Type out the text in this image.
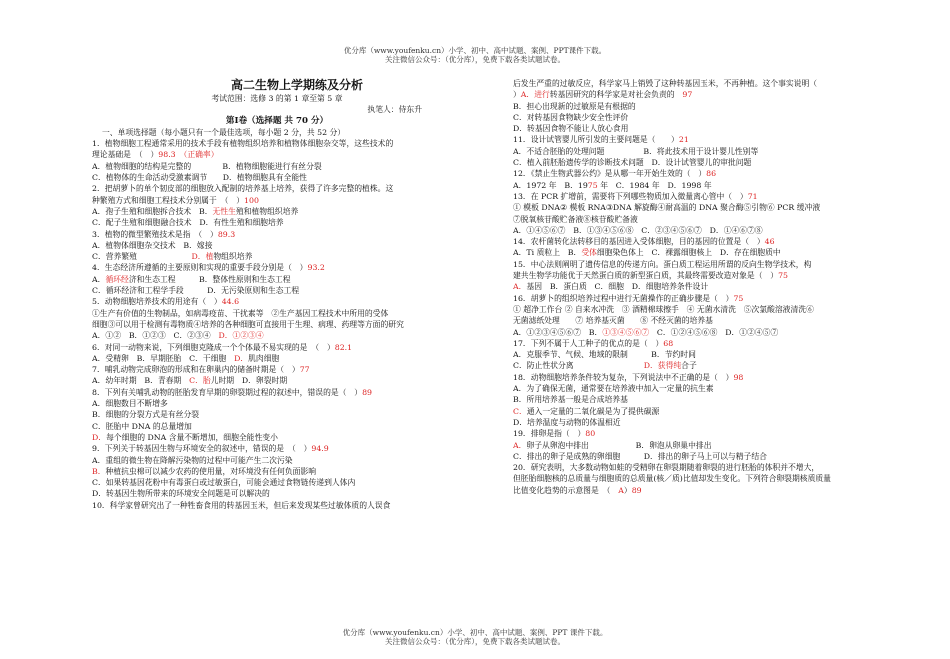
优分库（www.youfenku.cn）小学、初中、高中试题、案例、PPT课件下载。
关注微信公众号：（优分库），免费下载各类试题试卷。
高二生物上学期练及分析
考试范围：选修 3 的第 1 章至第 5 章
执笔人：侍东升
第Ⅰ卷（选择题 共 70 分）
一、单项选择题（每小题只有一个最佳选项，每小题 2 分，共 52 分）
1．植物细胞工程通常采用的技术手段有植物组织培养和植物体细胞杂交等，这些技术的
理论基础是　（　）98.3　（正确率）
A．植物细胞的结构是完整的　　　　B．植物细胞能进行有丝分裂
C．植物体的生命活动受激素调节　　D．植物细胞具有全能性
2．把胡萝卜的单个韧皮部的细胞放入配制的培养基上培养，获得了许多完整的植株。这
种繁殖方式和细胞工程技术分别属于　（　）100
A．孢子生殖和细胞拆合技术　B．无性生殖和植物组织培养
C．配子生殖和细胞融合技术　D．有性生殖和细胞培养
3．植物的微型繁殖技术是指　（　）89.3
A．植物体细胞杂交技术　B．嫁接
C．营养繁殖　　　　　　　D．植物组织培养
4．生态经济所遵循的主要原则和实现的重要手段分别是（　）93.2
A．循环经济和生态工程　　　B．整体性原则和生态工程
C．循环经济和工程学手段　　　D．无污染原则和生态工程
5．动物细胞培养技术的用途有（　）44.6
①生产有价值的生物制品，如病毒疫苗、干扰素等　②生产基因工程技术中所用的受体
细胞③可以用于检测有毒物质④培养的各种细胞可直接用于生理、病理、药理等方面的研究
A．①②　B．①②③　C．②③④　D．①②③④
6．对同一动物来说，下列细胞克隆成一个个体最不易实现的是　（　）82.1
A．受精卵　B．早期胚胎　C．干细胞　D．肌肉细胞
7．哺乳动物完成卵泡的形成和在卵巢内的储备时期是（　）77
A．幼年时期　B．青春期　C．胎儿时期　D．卵裂时期
8．下列有关哺乳动物的胚胎发育早期的卵裂期过程的叙述中，错误的是（　）89
A．细胞数目不断增多
B．细胞的分裂方式是有丝分裂
C．胚胎中 DNA 的总量增加
D．每个细胞的 DNA 含量不断增加，细胞全能性变小
9．下列关于转基因生物与环境安全的叙述中，错误的是　（　）94.9
A．重组的微生物在降解污染物的过程中可能产生二次污染
B．种植抗虫棉可以减少农药的使用量，对环境没有任何负面影响
C．如果转基因花粉中有毒蛋白或过敏蛋白，可能会通过食物链传递到人体内
D．转基因生物所带来的环境安全问题是可以解决的
10．科学家曾研究出了一种牲畜食用的转基因玉米，但后来发现某些过敏体质的人误食
后发生严重的过敏反应，科学家马上销毁了这种转基因玉米，不再种植。这个事实说明（
）A．进行转基因研究的科学家是对社会负责的　97
B．担心出现新的过敏原是有根据的
C．对转基因食物缺少安全性评价
D．转基因食物不能让人放心食用
11．设计试管婴儿所引发的主要问题是（　　）21
A．不适合胚胎的处理问题　　　　　B．将此技术用于设计婴儿性别等
C．植入前胚胎遗传学的诊断技术问题　D．设计试管婴儿的审批问题
12．《禁止生物武器公约》是从哪一年开始生效的（　）86
A．1972 年　B．1975 年　C．1984 年　D．1998 年
13．在 PCR 扩增前，需要将下列哪些物质加入微量离心管中（　）71
① 模板 DNA② 模板 RNA③DNA 解旋酶④耐高温的 DNA 聚合酶⑤引物⑥ PCR 缓冲液
⑦脱氧核苷酸贮备液⑧核苷酸贮备液
A．①④⑤⑥⑦　B．①③④⑤⑥⑧　C．②③④⑤⑥⑦　D．①④⑥⑦⑧
14．农杆菌转化法转移目的基因进入受体细胞，目的基因的位置是（　）46
A．Ti 质粒上　B．受体细胞染色体上　C．裸露细胞核上　D．存在细胞质中
15．中心法则阐明了遗传信息的传递方向。蛋白质工程运用所谓的反向生物学技术，构
建共生物学功能优于天然蛋白质的新型蛋白质，其最终需要改造对象是（　）75
A．基因　B．蛋白质　C．细胞　D．细胞培养条件设计
16．胡萝卜的组织培养过程中进行无菌操作的正确步骤是（　）75
① 超净工作台 ② 自来水冲洗　③ 酒精棉球擦手　④ 无菌水清洗　⑤次氯酸溶液清洗⑥
无菌滤纸处理　　⑦ 培养基灭菌　　⑧ 不经灭菌的培养基
A．①②③④⑤⑥⑦　B．①③④⑤⑥⑦　C．①②④⑤⑥⑧　D．①②④⑤⑦
17．下列不属于人工种子的优点的是（　）68
A．克服季节、气候、地域的限制　　　B．节约时间
C．防止性状分离　　　　　　　　　D．获得纯合子
18．动物细胞培养条件较为复杂，下列说法中不正确的是（　）98
A．为了确保无菌，通常要在培养液中加入一定量的抗生素
B．所用培养基一般是合成培养基
C．通入一定量的二氧化碳是为了提供碳源
D．培养温度与动物的体温相近
19．排卵是指（　）80
A．卵子从卵泡中排出　　　　　　B．卵泡从卵巢中排出
C．排出的卵子是成熟的卵细胞　　　D．排出的卵子马上可以与精子结合
20．研究表明，大多数动物如蛙的受精卵在卵裂期随着卵裂的进行胚胎的体积并不增大，
但胚胎细胞核的总质量与细胞质的总质量(核／质)比值却发生变化。下列符合卵裂期核质质量
比值变化趋势的示意图是　（　A）89
优分库（www.youfenku.cn）小学、初中、高中试题、案例、PPT 课件下载。
关注微信公众号：（优分库），免费下载各类试题试卷。
